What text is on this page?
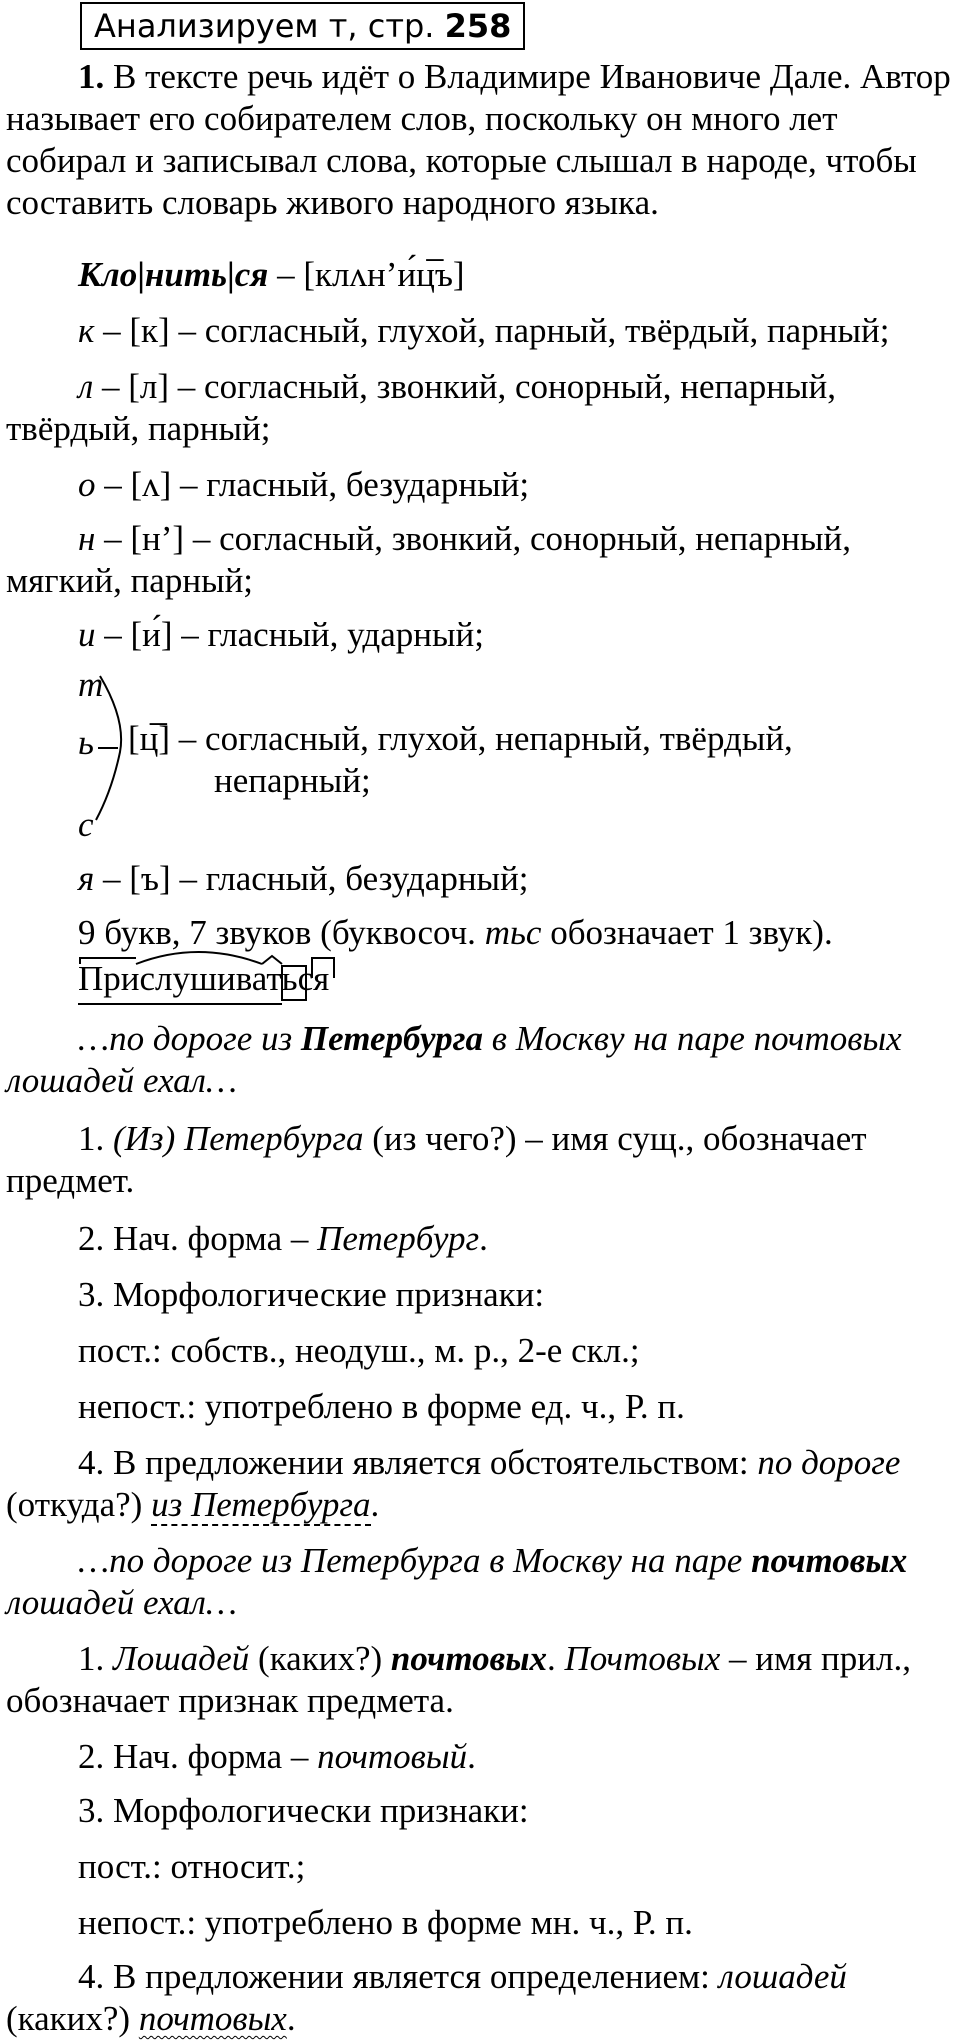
Анализируем т, стр. 258
1. В тексте речь идёт о Владимире Ивановиче Дале. Автор называет его собирателем слов, поскольку он много лет собирал и записывал слова, которые слышал в народе, чтобы составить словарь живого народного языка.
Кло|нить|ся – [клʌн’и́ц̅ъ]
к – [к] – согласный, глухой, парный, твёрдый, парный;
л – [л] – согласный, звонкий, сонорный, непарный, твёрдый, парный;
о – [ʌ] – гласный, безударный;
н – [н’] – согласный, звонкий, сонорный, непарный, мягкий, парный;
и – [и́] – гласный, ударный;
т
ь
с
[ц̅] – согласный, глухой, непарный, твёрдый,
непарный;
я – [ъ] – гласный, безударный;
9 букв, 7 звуков (буквосоч. тьс обозначает 1 звук).
Прислушиваться
…по дороге из Петербурга в Москву на паре почтовых лошадей ехал…
1. (Из) Петербурга (из чего?) – имя сущ., обозначает предмет.
2. Нач. форма – Петербург.
3. Морфологические признаки:
пост.: собств., неодуш., м. р., 2-е скл.;
непост.: употреблено в форме ед. ч., Р. п.
4. В предложении является обстоятельством: по дороге (откуда?) из Петербурга.
…по дороге из Петербурга в Москву на паре почтовых лошадей ехал…
1. Лошадей (каких?) почтовых. Почтовых – имя прил., обозначает признак предмета.
2. Нач. форма – почтовый.
3. Морфологически признаки:
пост.: относит.;
непост.: употреблено в форме мн. ч., Р. п.
4. В предложении является определением: лошадей (каких?) почтовых.
